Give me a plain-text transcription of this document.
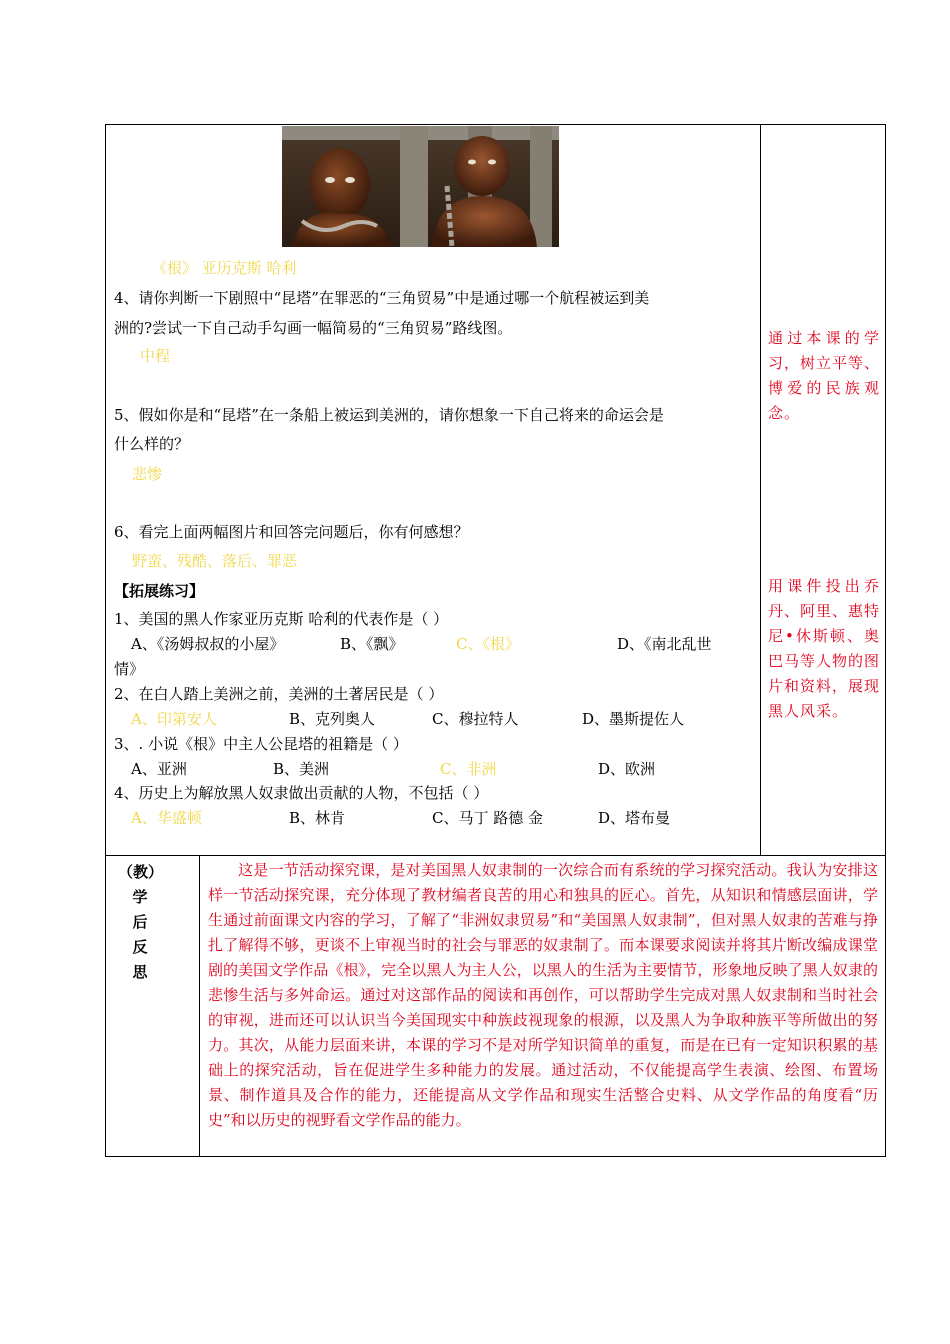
《根》 亚历克斯 哈利
4、请你判断一下剧照中“昆塔”在罪恶的“三角贸易”中是通过哪一个航程被运到美
洲的?尝试一下自己动手勾画一幅简易的“三角贸易”路线图。
中程
5、假如你是和“昆塔”在一条船上被运到美洲的，请你想象一下自己将来的命运会是
什么样的？
悲惨
6、看完上面两幅图片和回答完问题后，你有何感想？
野蛮、残酷、落后、罪恶
【拓展练习】
1、美国的黑人作家亚历克斯 哈利的代表作是（ ）
A、《汤姆叔叔的小屋》	B、《飘》	C、《根》	D、《南北乱世
情》
2、在白人踏上美洲之前，美洲的土著居民是（ ）
A、印第安人	B、克列奥人	C、穆拉特人	D、墨斯提佐人
3、. 小说《根》中主人公昆塔的祖籍是（ ）
A、亚洲	B、美洲	C、非洲	D、欧洲
4、历史上为解放黑人奴隶做出贡献的人物，不包括（ ）
A、华盛顿	B、林肯	C、马丁 路德 金	D、塔布曼
通过本课的学习，树立平等、博爱的民族观念。
用课件投出乔丹、阿里、惠特尼•休斯顿、奥巴马等人物的图片和资料，展现黑人风采。
（教）
学
后
反
思
这是一节活动探究课，是对美国黑人奴隶制的一次综合而有系统的学习探究活动。我认为安排这样一节活动探究课，充分体现了教材编者良苦的用心和独具的匠心。首先，从知识和情感层面讲，学生通过前面课文内容的学习，了解了“非洲奴隶贸易”和“美国黑人奴隶制”，但对黑人奴隶的苦难与挣扎了解得不够，更谈不上审视当时的社会与罪恶的奴隶制了。而本课要求阅读并将其片断改编成课堂剧的美国文学作品《根》，完全以黑人为主人公，以黑人的生活为主要情节，形象地反映了黑人奴隶的悲惨生活与多舛命运。通过对这部作品的阅读和再创作，可以帮助学生完成对黑人奴隶制和当时社会的审视，进而还可以认识当今美国现实中种族歧视现象的根源，以及黑人为争取种族平等所做出的努力。其次，从能力层面来讲，本课的学习不是对所学知识简单的重复，而是在已有一定知识积累的基础上的探究活动，旨在促进学生多种能力的发展。通过活动，不仅能提高学生表演、绘图、布置场景、制作道具及合作的能力，还能提高从文学作品和现实生活整合史料、从文学作品的角度看“历史”和以历史的视野看文学作品的能力。
